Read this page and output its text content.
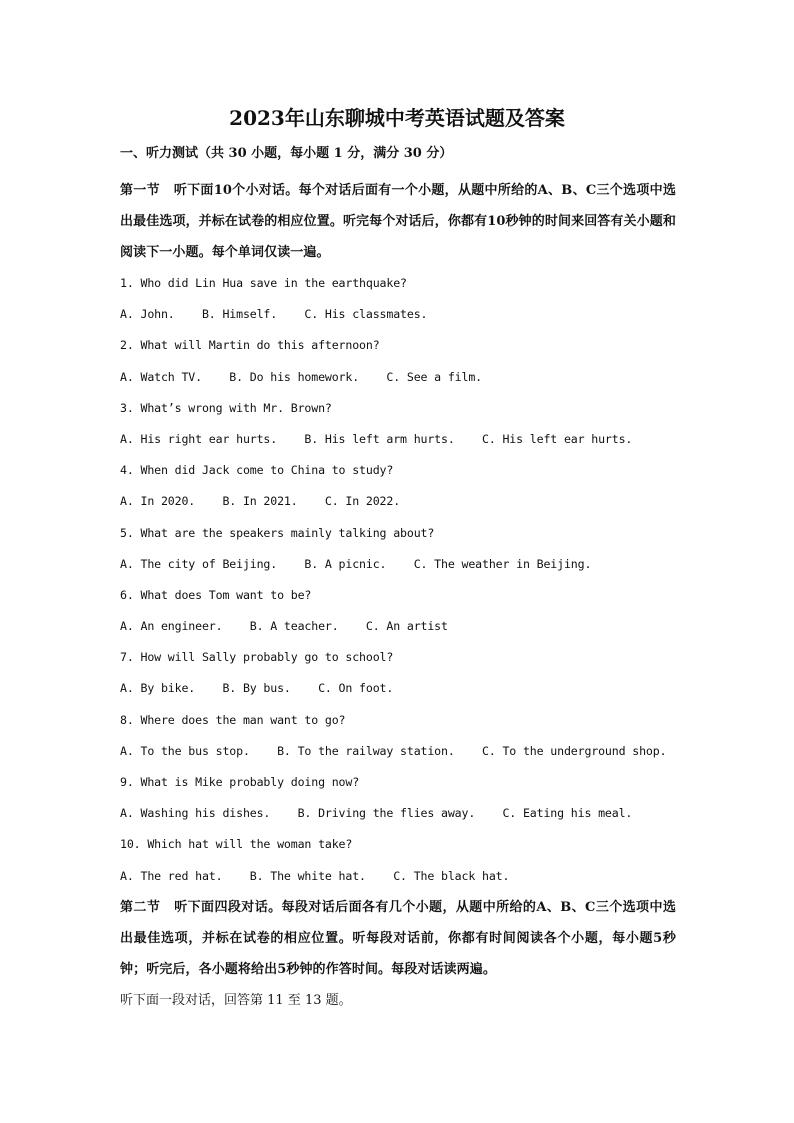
2023年山东聊城中考英语试题及答案
一、听力测试（共 30 小题，每小题 1 分，满分 30 分）

第一节 听下面10个小对话。每个对话后面有一个小题，从题中所给的A、B、C三个选项中选出最佳选项，并标在试卷的相应位置。听完每个对话后，你都有10秒钟的时间来回答有关小题和阅读下一小题。每个单词仅读一遍。

1. Who did Lin Hua save in the earthquake?
A. John.    B. Himself.    C. His classmates.
2. What will Martin do this afternoon?
A. Watch TV.    B. Do his homework.    C. See a film.
3. What’s wrong with Mr. Brown?
A. His right ear hurts.    B. His left arm hurts.    C. His left ear hurts.
4. When did Jack come to China to study?
A. In 2020.    B. In 2021.    C. In 2022.
5. What are the speakers mainly talking about?
A. The city of Beijing.    B. A picnic.    C. The weather in Beijing.
6. What does Tom want to be?
A. An engineer.    B. A teacher.    C. An artist
7. How will Sally probably go to school?
A. By bike.    B. By bus.    C. On foot.
8. Where does the man want to go?
A. To the bus stop.    B. To the railway station.    C. To the underground shop.
9. What is Mike probably doing now?
A. Washing his dishes.    B. Driving the flies away.    C. Eating his meal.
10. Which hat will the woman take?
A. The red hat.    B. The white hat.    C. The black hat.

第二节 听下面四段对话。每段对话后面各有几个小题，从题中所给的A、B、C三个选项中选出最佳选项，并标在试卷的相应位置。听每段对话前，你都有时间阅读各个小题，每小题5秒钟；听完后，各小题将给出5秒钟的作答时间。每段对话读两遍。

听下面一段对话，回答第 11 至 13 题。
